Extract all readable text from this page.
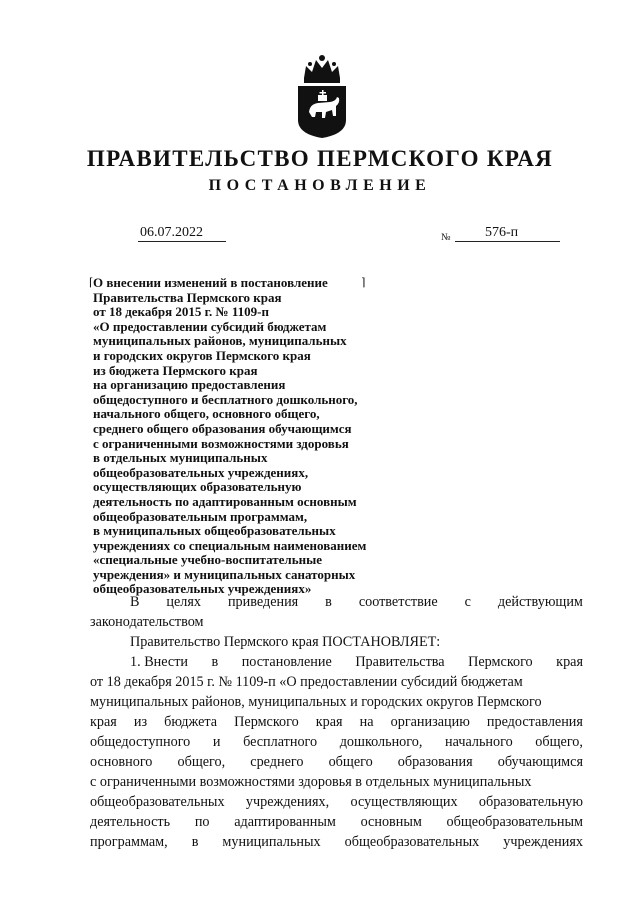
ПРАВИТЕЛЬСТВО ПЕРМСКОГО КРАЯ
ПОСТАНОВЛЕНИЕ
06.07.2022	№	576-п
⌈	⌉
О внесении изменений в постановление
Правительства Пермского края
от 18 декабря 2015 г. № 1109-п
«О предоставлении субсидий бюджетам
муниципальных районов, муниципальных
и городских округов Пермского края
из бюджета Пермского края
на организацию предоставления
общедоступного и бесплатного дошкольного,
начального общего, основного общего,
среднего общего образования обучающимся
с ограниченными возможностями здоровья
в отдельных муниципальных
общеобразовательных учреждениях,
осуществляющих образовательную
деятельность по адаптированным основным
общеобразовательным программам,
в муниципальных общеобразовательных
учреждениях со специальным наименованием
«специальные учебно-воспитательные
учреждения» и муниципальных санаторных
общеобразовательных учреждениях»
В целях приведения в соответствие с действующим
законодательством
Правительство Пермского края ПОСТАНОВЛЯЕТ:
1. Внести в постановление Правительства Пермского края
от 18 декабря 2015 г. № 1109-п «О предоставлении субсидий бюджетам
муниципальных районов, муниципальных и городских округов Пермского
края из бюджета Пермского края на организацию предоставления
общедоступного и бесплатного дошкольного, начального общего,
основного общего, среднего общего образования обучающимся
с ограниченными возможностями здоровья в отдельных муниципальных
общеобразовательных учреждениях, осуществляющих образовательную
деятельность по адаптированным основным общеобразовательным
программам, в муниципальных общеобразовательных учреждениях
